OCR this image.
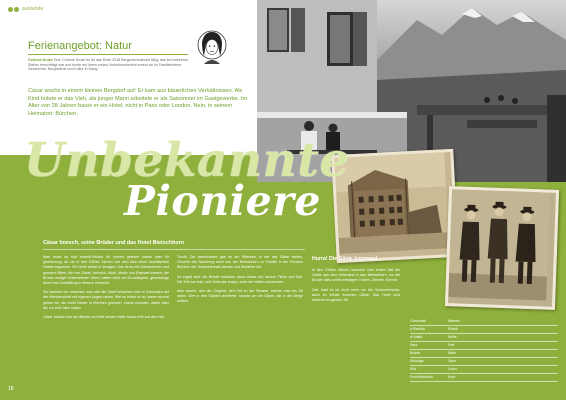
ausleiste
Ferienangebot: Natur
Corinne Kruse Text: Corinne Kruse ist für das Ende 2018 Bergturismushotel tätig, das bei mehreren Stellen beschäftigt war und heute mit ihrem ersten Verhaltensbericht erneut an ihr Familienleben Geschichte, Bergheimat und Kultur in Gang.
Cäsar wuchs in einem kleinen Bergdorf auf: Er kam aus bäuerlichen Verhältnissen. Als Kind hütete er das Vieh, als junger Mann arbeitete er als Saisonnier im Gastgewerbe. Im Alter von 28 Jahren baute er ein Hotel, nicht in Paris oder London. Nein, in seinem Heimatort: Bürchen.
Unbekannte
Pioniere
Cäsar Imesch, seine Brüder und das Hotel Bietschhorn

Man muss da fünf Imesch-Brüder für vorerst gelesen haben oder für gewöhnung, da sie in den 1950er Jahren von dem Bau eines touristischen Hotels begonnen. Ein Hotel selbst in wenigen. Das ist es mit Schlafzimmer und grossen Sälen, die von Cäsar, Heinrich, Adolf, Moritz und Raphael Imesch, die Brüder mutiger Unternehmer: Denn, hatten nicht viel Grundkapital, geschweige denn eine Ausbildung in diesem Gewerbe.

Sie kannten nur manches, was sich die Stadt besuchen oder in Schweden auf der Wanderschaft mit eigenen Augen sahen. Wie es früher so ist, waren einmal gehen wir, die zwölf Kinder in Bürchen geboren; zuerst mussten, daher aber die nur eine Idee haben.

Cäsar Imesch war der Älteste und half seinem Vater schon früh auf dem Hof.

Tourik: Die beschlossen gab es am Strassen, in der alle Gäste sollten. Ohnehin die Neuerung auch von der Bietschhorn zu Familie in der Pension Bürchen der Gastwirtschaft damals und ähnlicher Art.

So ergab sich: die Brüder brachten kaum etwas mit, ausser Fleiss und Mut. Die Zeit war hart, und Geld war knapp, doch sie hielten zusammen.

Man kannte, aus der Gegend, den Hof an der Strasse, welche man ins Tal nahm. Wer in den Städten arbeitete, wusste um die Gäste, die in die Berge wollten.

Hurra! Die Gäste kommen!

In den 1950er Jahren, kommen zum ersten Mal die Gäste aus dem Unterland in das Bietschhorn, wo die Brüder alles selbst erledigen: Küche, Zimmer, Service.

Zeit, bald es ist nicht mehr nur die Sommerfrische, auch im Winter kommen Gäste. Das Hotel wird bekannt im ganzen Tal.

Gumrünzli	Wasser
d Riebüla	Rüebli
di Maltä	Wolle
Harz	Fett
Brächt	Milch
Mährliga	Zaun
Süd	Leder
Fruchtfärbschu	Korb
18
